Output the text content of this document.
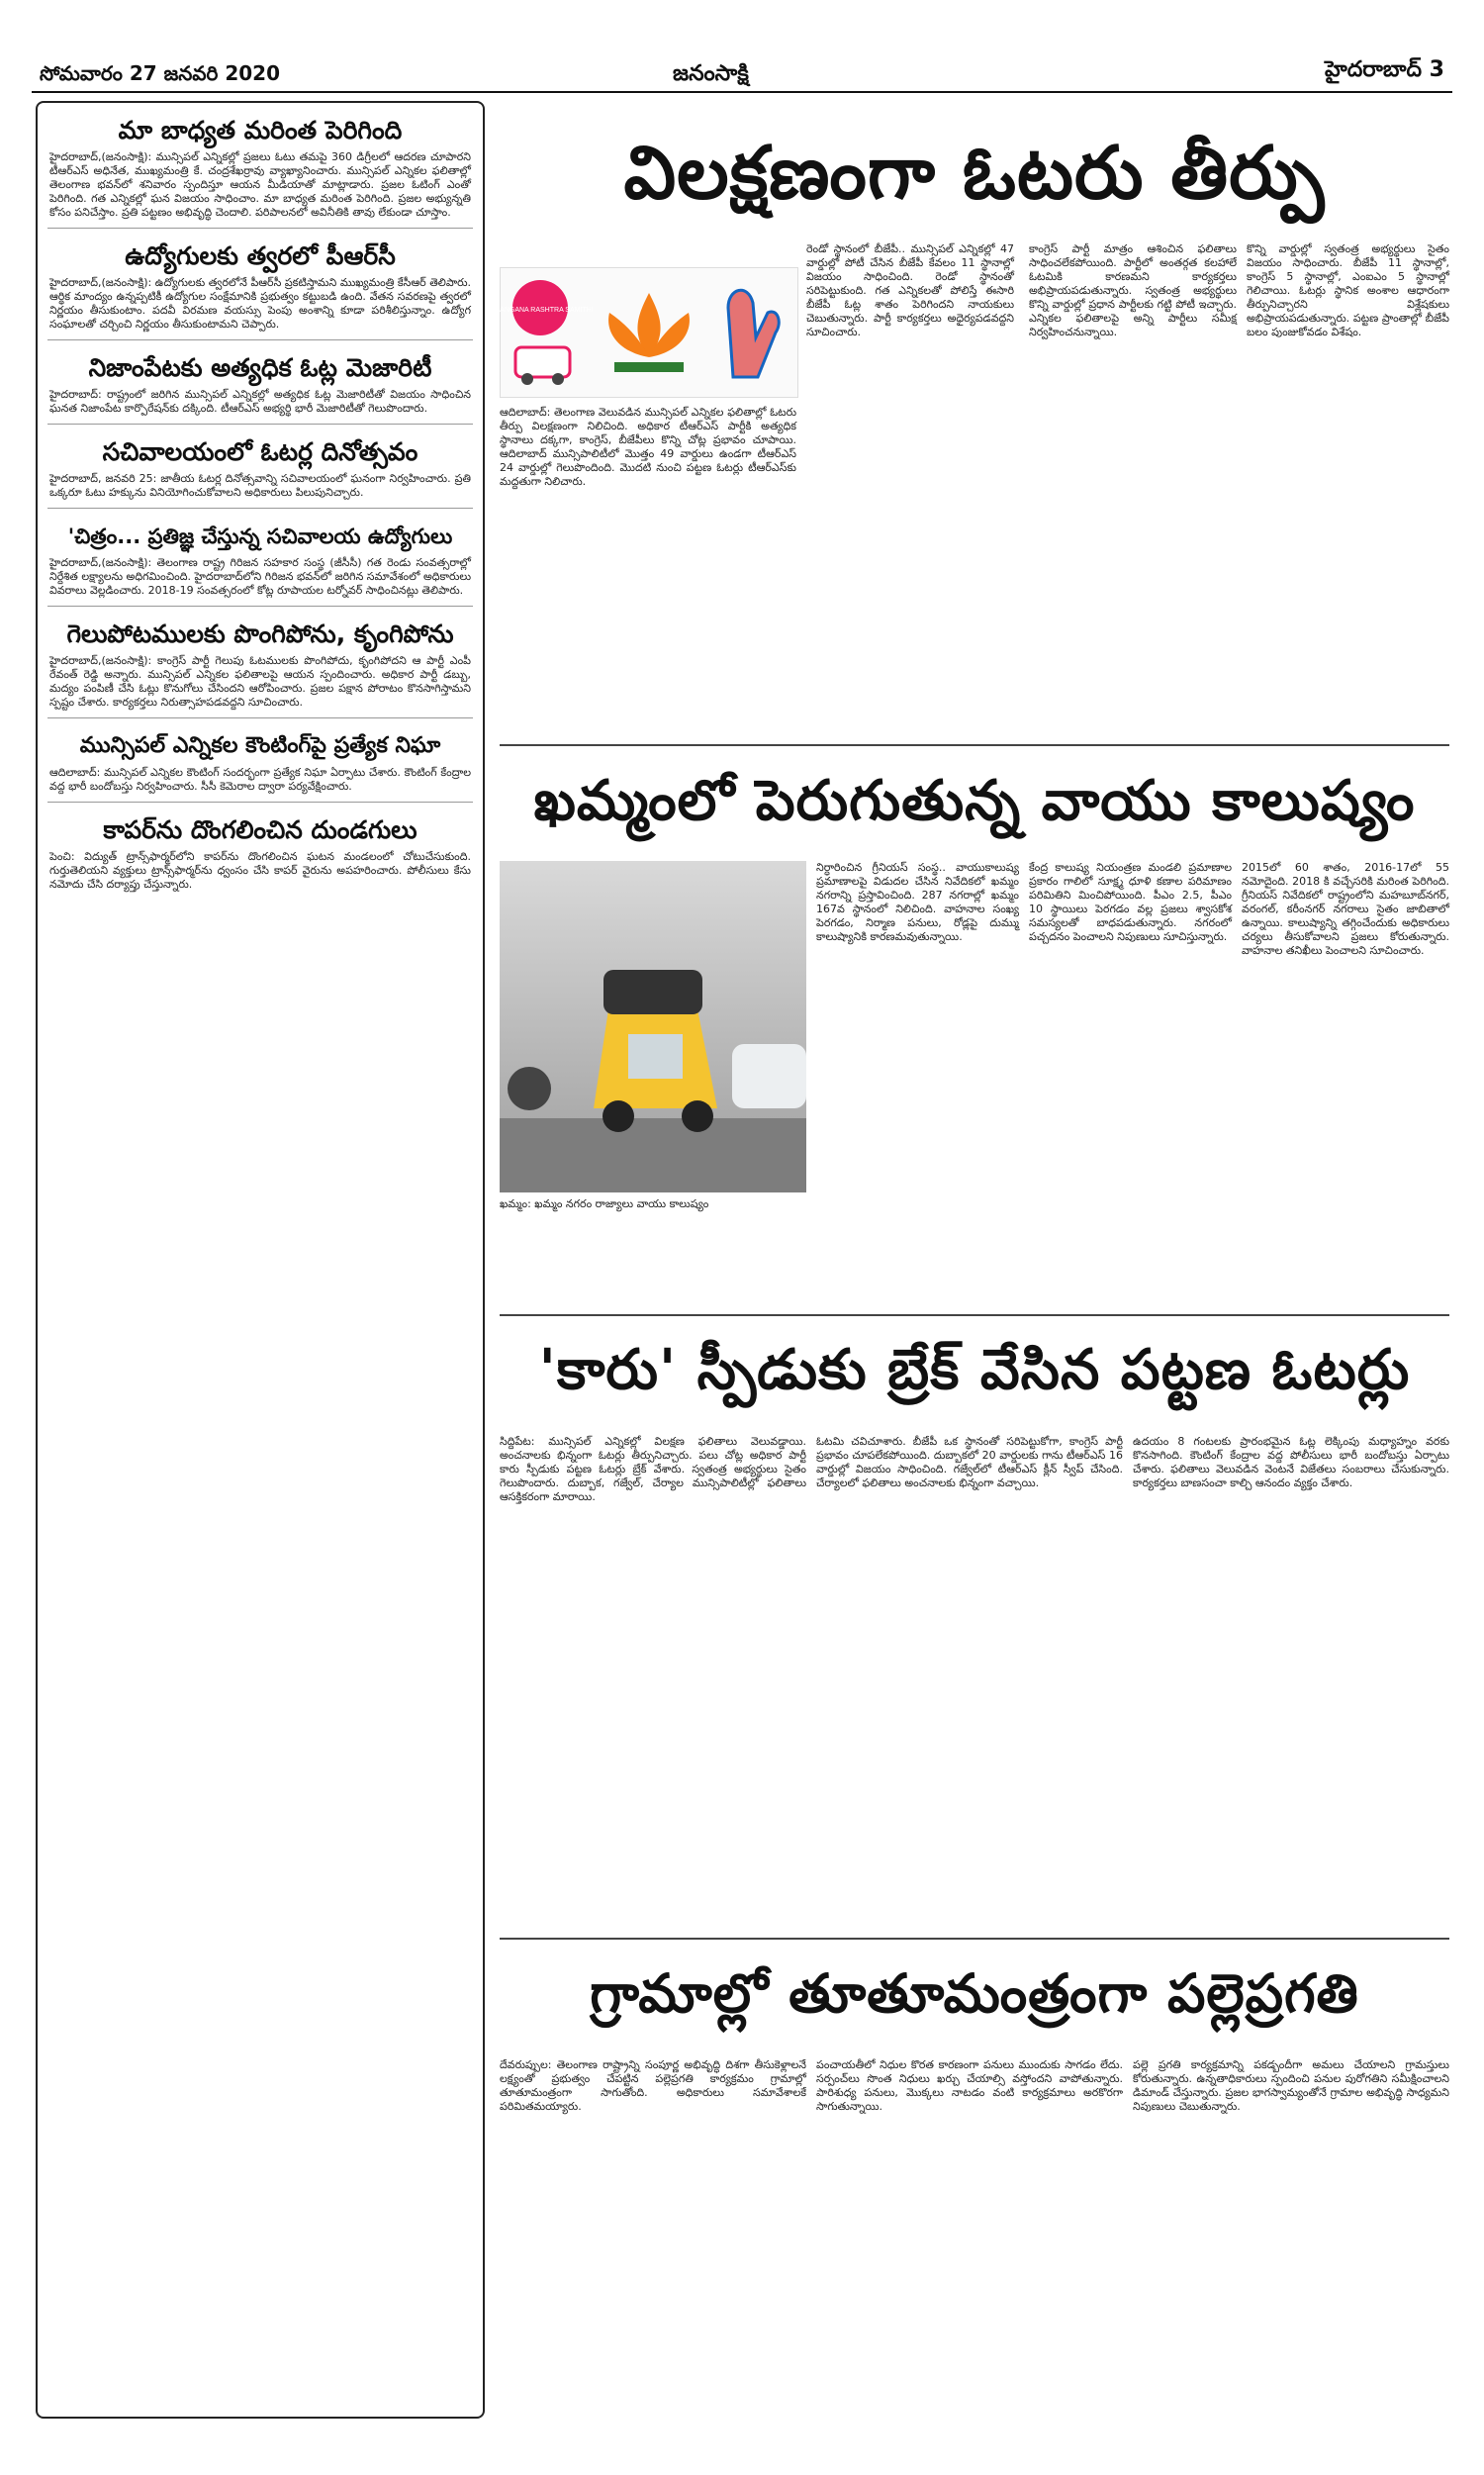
సోమవారం 27 జనవరి 2020	జనంసాక్షి	హైదరాబాద్ 3
మా బాధ్యత మరింత పెరిగింది
హైదరాబాద్,(జనంసాక్షి): మున్సిపల్ ఎన్నికల్లో ప్రజలు ఓటు తమపై 360 డిగ్రీలలో ఆదరణ చూపారని టీఆర్ఎస్ అధినేత, ముఖ్యమంత్రి కే. చంద్రశేఖర్రావు వ్యాఖ్యానించారు. మున్సిపల్ ఎన్నికల ఫలితాల్లో తెలంగాణ భవన్‌లో శనివారం స్పందిస్తూ ఆయన మీడియాతో మాట్లాడారు. ప్రజల ఓటింగ్ ఎంతో పెరిగింది. గత ఎన్నికల్లో ఘన విజయం సాధించాం. మా బాధ్యత మరింత పెరిగింది. ప్రజల అభ్యున్నతి కోసం పనిచేస్తాం. ప్రతి పట్టణం అభివృద్ధి చెందాలి. పరిపాలనలో అవినీతికి తావు లేకుండా చూస్తాం.
ఉద్యోగులకు త్వరలో పీఆర్‌సీ
హైదరాబాద్,(జనంసాక్షి): ఉద్యోగులకు త్వరలోనే పీఆర్‌సీ ప్రకటిస్తామని ముఖ్యమంత్రి కేసీఆర్ తెలిపారు. ఆర్థిక మాంద్యం ఉన్నప్పటికీ ఉద్యోగుల సంక్షేమానికి ప్రభుత్వం కట్టుబడి ఉంది. వేతన సవరణపై త్వరలో నిర్ణయం తీసుకుంటాం. పదవీ విరమణ వయస్సు పెంపు అంశాన్ని కూడా పరిశీలిస్తున్నాం. ఉద్యోగ సంఘాలతో చర్చించి నిర్ణయం తీసుకుంటామని చెప్పారు.
నిజాంపేటకు అత్యధిక ఓట్ల మెజారిటీ
హైదరాబాద్: రాష్ట్రంలో జరిగిన మున్సిపల్ ఎన్నికల్లో అత్యధిక ఓట్ల మెజారిటీతో విజయం సాధించిన ఘనత నిజాంపేట కార్పొరేషన్‌కు దక్కింది. టీఆర్ఎస్ అభ్యర్థి భారీ మెజారిటీతో గెలుపొందారు.
సచివాలయంలో ఓటర్ల దినోత్సవం
హైదరాబాద్, జనవరి 25: జాతీయ ఓటర్ల దినోత్సవాన్ని సచివాలయంలో ఘనంగా నిర్వహించారు. ప్రతి ఒక్కరూ ఓటు హక్కును వినియోగించుకోవాలని అధికారులు పిలుపునిచ్చారు.
'చిత్రం... ప్రతిజ్ఞ చేస్తున్న సచివాలయ ఉద్యోగులు
హైదరాబాద్,(జనంసాక్షి): తెలంగాణ రాష్ట్ర గిరిజన సహకార సంస్థ (జీసీసీ) గత రెండు సంవత్సరాల్లో నిర్దేశిత లక్ష్యాలను అధిగమించింది. హైదరాబాద్‌లోని గిరిజన భవన్‌లో జరిగిన సమావేశంలో అధికారులు వివరాలు వెల్లడించారు. 2018-19 సంవత్సరంలో కోట్ల రూపాయల టర్నోవర్ సాధించినట్లు తెలిపారు.
గెలుపోటములకు పొంగిపోను, కృంగిపోను
హైదరాబాద్,(జనంసాక్షి): కాంగ్రెస్ పార్టీ గెలుపు ఓటములకు పొంగిపోదు, కృంగిపోదని ఆ పార్టీ ఎంపీ రేవంత్ రెడ్డి అన్నారు. మున్సిపల్ ఎన్నికల ఫలితాలపై ఆయన స్పందించారు. అధికార పార్టీ డబ్బు, మద్యం పంపిణీ చేసి ఓట్లు కొనుగోలు చేసిందని ఆరోపించారు. ప్రజల పక్షాన పోరాటం కొనసాగిస్తామని స్పష్టం చేశారు. కార్యకర్తలు నిరుత్సాహపడవద్దని సూచించారు.
మున్సిపల్ ఎన్నికల కౌంటింగ్‌పై ప్రత్యేక నిఘా
ఆదిలాబాద్: మున్సిపల్ ఎన్నికల కౌంటింగ్ సందర్భంగా ప్రత్యేక నిఘా ఏర్పాటు చేశారు. కౌంటింగ్ కేంద్రాల వద్ద భారీ బందోబస్తు నిర్వహించారు. సీసీ కెమెరాల ద్వారా పర్యవేక్షించారు.
కాపర్‌ను దొంగలించిన దుండగులు
పెంచి: విద్యుత్ ట్రాన్స్‌ఫార్మర్‌లోని కాపర్‌ను దొంగలించిన ఘటన మండలంలో చోటుచేసుకుంది. గుర్తుతెలియని వ్యక్తులు ట్రాన్స్‌ఫార్మర్‌ను ధ్వంసం చేసి కాపర్ వైరును అపహరించారు. పోలీసులు కేసు నమోదు చేసి దర్యాప్తు చేస్తున్నారు.
విలక్షణంగా ఓటరు తీర్పు
TELANGANA RASHTRA SAMITHI
రెండో స్థానంలో బీజేపీ.. మున్సిపల్ ఎన్నికల్లో 47 వార్డుల్లో పోటీ చేసిన బీజేపీ కేవలం 11 స్థానాల్లో విజయం సాధించింది. రెండో స్థానంతో సరిపెట్టుకుంది. గత ఎన్నికలతో పోలిస్తే ఈసారి బీజేపీ ఓట్ల శాతం పెరిగిందని నాయకులు చెబుతున్నారు. పార్టీ కార్యకర్తలు అధైర్యపడవద్దని సూచించారు.
ఆదిలాబాద్: తెలంగాణ వెలువడిన మున్సిపల్ ఎన్నికల ఫలితాల్లో ఓటరు తీర్పు విలక్షణంగా నిలిచింది. అధికార టీఆర్ఎస్ పార్టీకి అత్యధిక స్థానాలు దక్కగా, కాంగ్రెస్, బీజేపీలు కొన్ని చోట్ల ప్రభావం చూపాయి. ఆదిలాబాద్ మున్సిపాలిటీలో మొత్తం 49 వార్డులు ఉండగా టీఆర్ఎస్ 24 వార్డుల్లో గెలుపొందింది. మొదటి నుంచి పట్టణ ఓటర్లు టీఆర్ఎస్‌కు మద్దతుగా నిలిచారు.
కాంగ్రెస్ పార్టీ మాత్రం ఆశించిన ఫలితాలు సాధించలేకపోయింది. పార్టీలో అంతర్గత కలహాలే ఓటమికి కారణమని కార్యకర్తలు అభిప్రాయపడుతున్నారు. స్వతంత్ర అభ్యర్థులు కొన్ని వార్డుల్లో ప్రధాన పార్టీలకు గట్టి పోటీ ఇచ్చారు. ఎన్నికల ఫలితాలపై అన్ని పార్టీలు సమీక్ష నిర్వహించనున్నాయి.
కొన్ని వార్డుల్లో స్వతంత్ర అభ్యర్థులు సైతం విజయం సాధించారు. బీజేపీ 11 స్థానాల్లో, కాంగ్రెస్ 5 స్థానాల్లో, ఎంఐఎం 5 స్థానాల్లో గెలిచాయి. ఓటర్లు స్థానిక అంశాల ఆధారంగా తీర్పునిచ్చారని విశ్లేషకులు అభిప్రాయపడుతున్నారు. పట్టణ ప్రాంతాల్లో బీజేపీ బలం పుంజుకోవడం విశేషం.
ఖమ్మంలో పెరుగుతున్న వాయు కాలుష్యం
ఖమ్మం: ఖమ్మం నగరం రాజ్యాలు వాయు కాలుష్యం
నిర్ధారించిన గ్రీనియస్ సంస్థ.. వాయుకాలుష్య ప్రమాణాలపై విడుదల చేసిన నివేదికలో ఖమ్మం నగరాన్ని ప్రస్తావించింది. 287 నగరాల్లో ఖమ్మం 167వ స్థానంలో నిలిచింది. వాహనాల సంఖ్య పెరగడం, నిర్మాణ పనులు, రోడ్లపై దుమ్ము కాలుష్యానికి కారణమవుతున్నాయి.
కేంద్ర కాలుష్య నియంత్రణ మండలి ప్రమాణాల ప్రకారం గాలిలో సూక్ష్మ ధూళి కణాల పరిమాణం పరిమితిని మించిపోయింది. పీఎం 2.5, పీఎం 10 స్థాయిలు పెరగడం వల్ల ప్రజలు శ్వాసకోశ సమస్యలతో బాధపడుతున్నారు. నగరంలో పచ్చదనం పెంచాలని నిపుణులు సూచిస్తున్నారు.
2015లో 60 శాతం, 2016-17లో 55 నమోదైంది. 2018 కి వచ్చేసరికి మరింత పెరిగింది. గ్రీనియస్ నివేదికలో రాష్ట్రంలోని మహబూబ్‌నగర్, వరంగల్, కరీంనగర్ నగరాలు సైతం జాబితాలో ఉన్నాయి. కాలుష్యాన్ని తగ్గించేందుకు అధికారులు చర్యలు తీసుకోవాలని ప్రజలు కోరుతున్నారు. వాహనాల తనిఖీలు పెంచాలని సూచించారు.
'కారు' స్పీడుకు బ్రేక్ వేసిన పట్టణ ఓటర్లు
సిద్దిపేట: మున్సిపల్ ఎన్నికల్లో విలక్షణ ఫలితాలు వెలువడ్డాయి. అంచనాలకు భిన్నంగా ఓటర్లు తీర్పునిచ్చారు. పలు చోట్ల అధికార పార్టీ కారు స్పీడుకు పట్టణ ఓటర్లు బ్రేక్ వేశారు. స్వతంత్ర అభ్యర్థులు సైతం గెలుపొందారు. దుబ్బాక, గజ్వేల్, చేర్యాల మున్సిపాలిటీల్లో ఫలితాలు ఆసక్తికరంగా మారాయి.
ఓటమి చవిచూశారు. బీజేపీ ఒక స్థానంతో సరిపెట్టుకోగా, కాంగ్రెస్ పార్టీ ప్రభావం చూపలేకపోయింది. దుబ్బాకలో 20 వార్డులకు గాను టీఆర్ఎస్ 16 వార్డుల్లో విజయం సాధించింది. గజ్వేల్‌లో టీఆర్ఎస్ క్లీన్ స్వీప్ చేసింది. చేర్యాలలో ఫలితాలు అంచనాలకు భిన్నంగా వచ్చాయి.
ఉదయం 8 గంటలకు ప్రారంభమైన ఓట్ల లెక్కింపు మధ్యాహ్నం వరకు కొనసాగింది. కౌంటింగ్ కేంద్రాల వద్ద పోలీసులు భారీ బందోబస్తు ఏర్పాటు చేశారు. ఫలితాలు వెలువడిన వెంటనే విజేతలు సంబరాలు చేసుకున్నారు. కార్యకర్తలు బాణసంచా కాల్చి ఆనందం వ్యక్తం చేశారు.
గ్రామాల్లో తూతూమంత్రంగా పల్లెప్రగతి
దేవరుప్పుల: తెలంగాణ రాష్ట్రాన్ని సంపూర్ణ అభివృద్ధి దిశగా తీసుకెళ్లాలనే లక్ష్యంతో ప్రభుత్వం చేపట్టిన పల్లెప్రగతి కార్యక్రమం గ్రామాల్లో తూతూమంత్రంగా సాగుతోంది. అధికారులు సమావేశాలకే పరిమితమయ్యారు.
పంచాయతీలో నిధుల కొరత కారణంగా పనులు ముందుకు సాగడం లేదు. సర్పంచ్‌లు సొంత నిధులు ఖర్చు చేయాల్సి వస్తోందని వాపోతున్నారు. పారిశుధ్య పనులు, మొక్కలు నాటడం వంటి కార్యక్రమాలు అరకొరగా సాగుతున్నాయి.
పల్లె ప్రగతి కార్యక్రమాన్ని పకడ్బందీగా అమలు చేయాలని గ్రామస్తులు కోరుతున్నారు. ఉన్నతాధికారులు స్పందించి పనుల పురోగతిని సమీక్షించాలని డిమాండ్ చేస్తున్నారు. ప్రజల భాగస్వామ్యంతోనే గ్రామాల అభివృద్ధి సాధ్యమని నిపుణులు చెబుతున్నారు.
